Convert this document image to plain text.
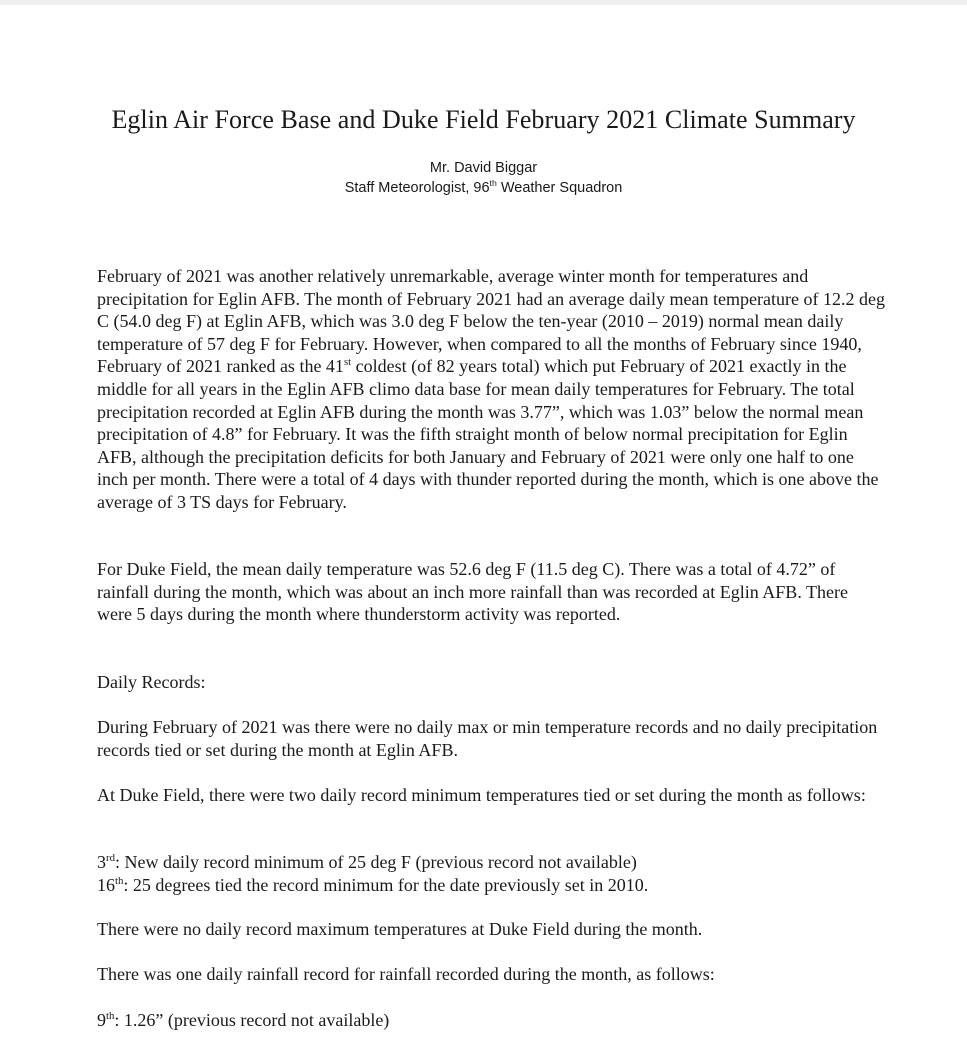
Eglin Air Force Base and Duke Field February 2021 Climate Summary
Mr. David Biggar
Staff Meteorologist, 96th Weather Squadron

February of 2021 was another relatively unremarkable, average winter month for temperatures and precipitation for Eglin AFB. The month of February 2021 had an average daily mean temperature of 12.2 deg C (54.0 deg F) at Eglin AFB, which was 3.0 deg F below the ten-year (2010 – 2019) normal mean daily temperature of 57 deg F for February. However, when compared to all the months of February since 1940, February of 2021 ranked as the 41st coldest (of 82 years total) which put February of 2021 exactly in the middle for all years in the Eglin AFB climo data base for mean daily temperatures for February. The total precipitation recorded at Eglin AFB during the month was 3.77”, which was 1.03” below the normal mean precipitation of 4.8” for February. It was the fifth straight month of below normal precipitation for Eglin AFB, although the precipitation deficits for both January and February of 2021 were only one half to one inch per month. There were a total of 4 days with thunder reported during the month, which is one above the average of 3 TS days for February.

For Duke Field, the mean daily temperature was 52.6 deg F (11.5 deg C). There was a total of 4.72” of rainfall during the month, which was about an inch more rainfall than was recorded at Eglin AFB. There were 5 days during the month where thunderstorm activity was reported.

Daily Records:

During February of 2021 was there were no daily max or min temperature records and no daily precipitation records tied or set during the month at Eglin AFB.

At Duke Field, there were two daily record minimum temperatures tied or set during the month as follows:

3rd: New daily record minimum of 25 deg F (previous record not available)

16th: 25 degrees tied the record minimum for the date previously set in 2010.

There were no daily record maximum temperatures at Duke Field during the month.

There was one daily rainfall record for rainfall recorded during the month, as follows:

9th: 1.26” (previous record not available)
